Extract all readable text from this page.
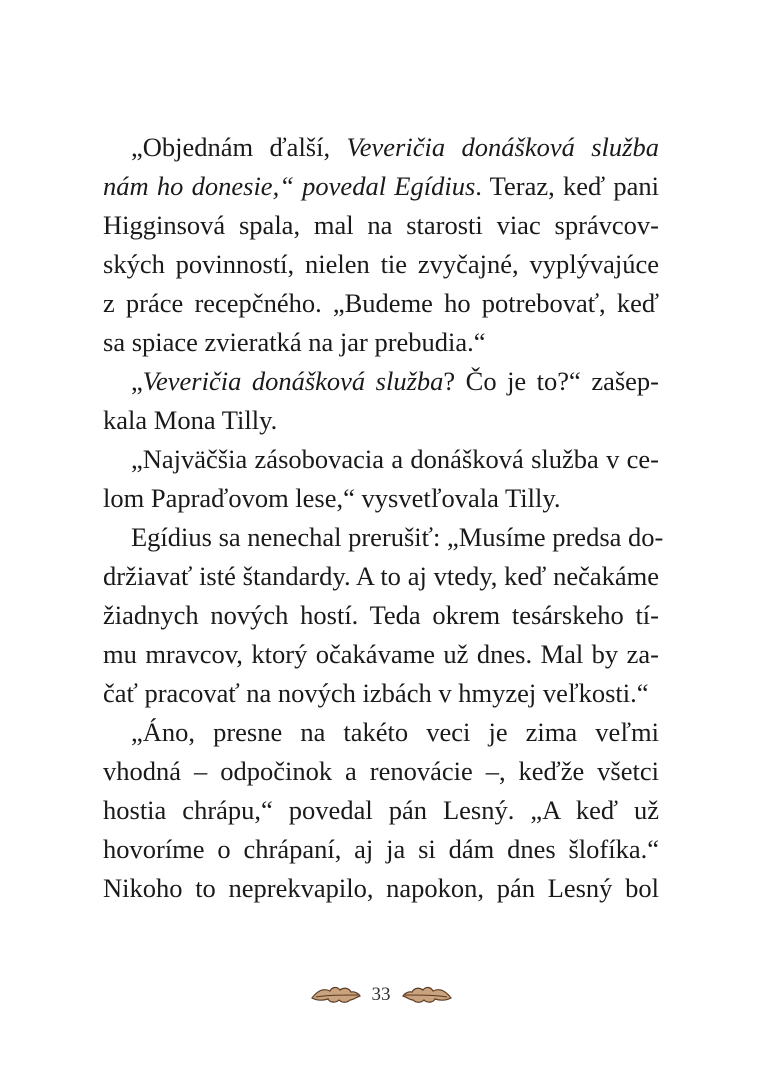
„Objednám ďalší, Veveričia donášková služba
nám ho donesie,“ povedal Egídius. Teraz, keď pani
Higginsová spala, mal na starosti viac správcov-
ských povinností, nielen tie zvyčajné, vyplývajúce
z práce recepčného. „Budeme ho potrebovať, keď
sa spiace zvieratká na jar prebudia.“
„Veveričia donášková služba? Čo je to?“ zašep-
kala Mona Tilly.
„Najväčšia zásobovacia a donášková služba v ce-
lom Papraďovom lese,“ vysvetľovala Tilly.
Egídius sa nenechal prerušiť: „Musíme predsa do-
držiavať isté štandardy. A to aj vtedy, keď nečakáme
žiadnych nových hostí. Teda okrem tesárskeho tí-
mu mravcov, ktorý očakávame už dnes. Mal by za-
čať pracovať na nových izbách v hmyzej veľkosti.“
„Áno, presne na takéto veci je zima veľmi
vhodná – odpočinok a renovácie –, keďže všetci
hostia chrápu,“ povedal pán Lesný. „A keď už
hovoríme o chrápaní, aj ja si dám dnes šlofíka.“
Nikoho to neprekvapilo, napokon, pán Lesný bol
33
